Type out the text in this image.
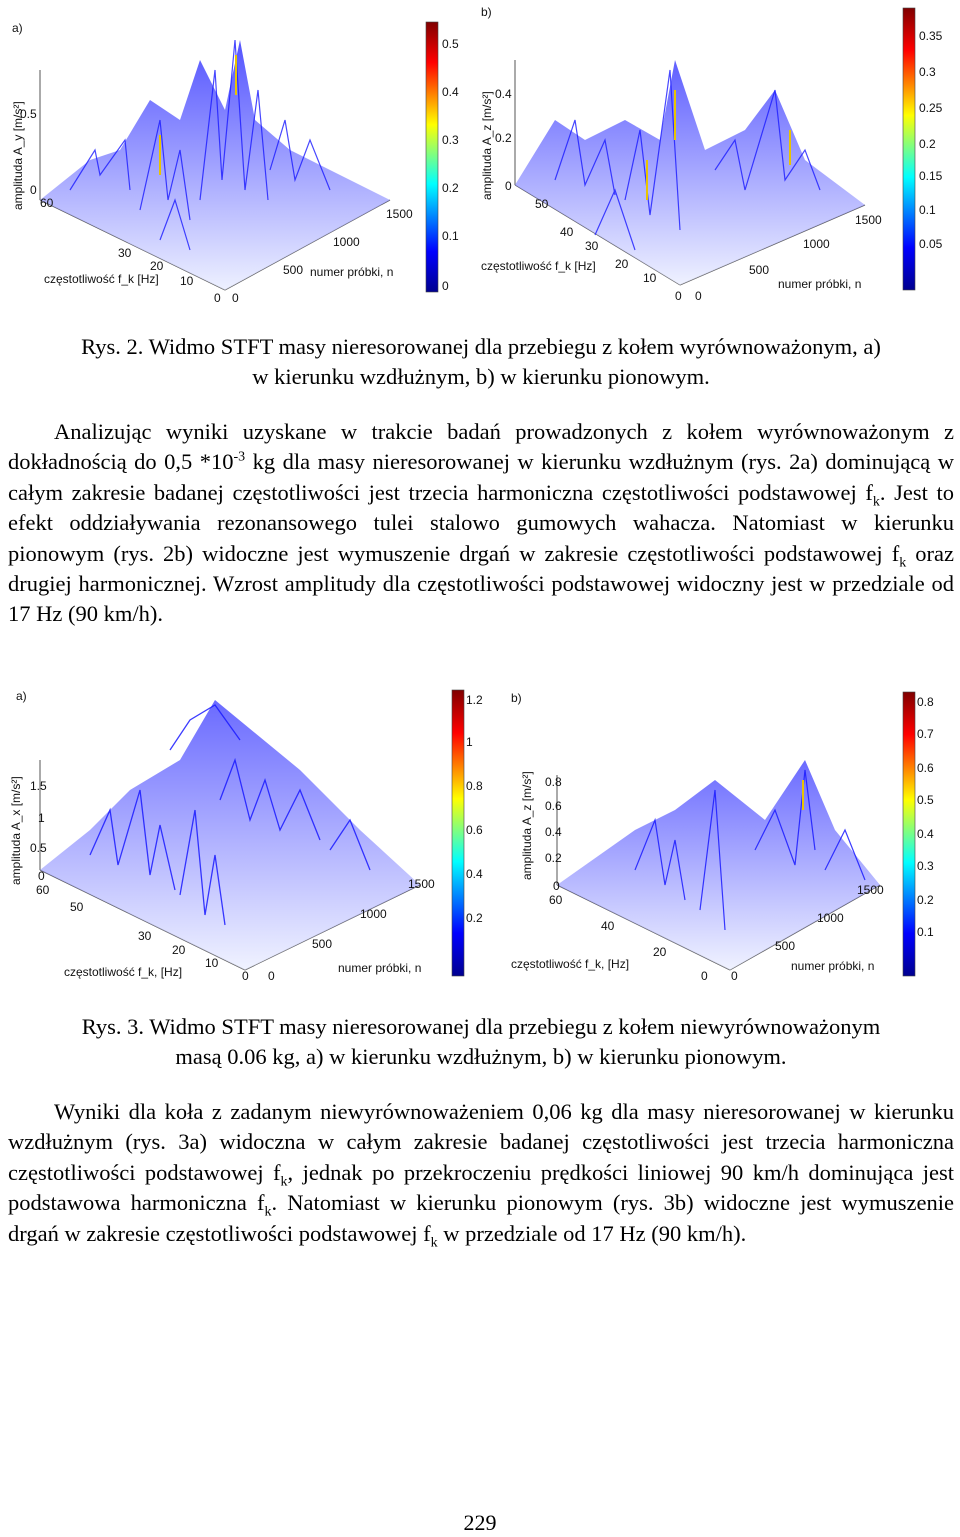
a)
0.5
0
amplituda A_y [m/s²] 60
30
20
10
0
częstotliwość f_k [Hz]
1500
1000
500
0
numer próbki, n
0.5
0.4
0.3
0.2
0.1
0
b)
0.4
0.2
0
amplituda A_z [m/s²]
50
40
30
20
10
0
częstotliwość f_k [Hz]
1500
1000
500
0
numer próbki, n
0.35
0.3
0.25
0.2
0.15
0.1
0.05
Rys. 2. Widmo STFT masy nieresorowanej dla przebiegu z kołem wyrównoważonym, a)
w kierunku wzdłużnym, b) w kierunku pionowym.
Analizując wyniki uzyskane w trakcie badań prowadzonych z kołem wyrównoważonym z dokładnością do 0,5 $*10^{-3}$ kg dla masy nieresorowanej w kierunku wzdłużnym (rys. 2a) dominującą w całym zakresie badanej częstotliwości jest trzecia harmoniczna częstotliwości podstawowej $f_k$. Jest to efekt oddziaływania rezonansowego tulei stalowo gumowych wahacza. Natomiast w kierunku pionowym (rys. 2b) widoczne jest wymuszenie drgań w zakresie częstotliwości podstawowej $f_k$ oraz drugiej harmonicznej. Wzrost amplitudy dla częstotliwości podstawowej widoczny jest w przedziale od 17 Hz (90 km/h).
a)
1.5
1
0.5
0
amplituda A_x [m/s²]
60
50
30
20
10
0
częstotliwość f_k, [Hz]
1500
1000
500
0
numer próbki, n
1.2
1
0.8
0.6
0.4
0.2
b)
0.8
0.6
0.4
0.2
0
amplituda A_z [m/s²]
60
40
20
0
częstotliwość f_k, [Hz]
1500
1000
500
0
numer próbki, n
0.8
0.7
0.6
0.5
0.4
0.3
0.2
0.1
Rys. 3. Widmo STFT masy nieresorowanej dla przebiegu z kołem niewyrównoważonym
masą 0.06 kg, a) w kierunku wzdłużnym, b) w kierunku pionowym.
Wyniki dla koła z zadanym niewyrównoważeniem 0,06 kg dla masy nieresorowanej w kierunku wzdłużnym (rys. 3a) widoczna w całym zakresie badanej częstotliwości jest trzecia harmoniczna częstotliwości podstawowej $f_k$, jednak po przekroczeniu prędkości liniowej 90 km/h dominująca jest podstawowa harmoniczna $f_k$. Natomiast w kierunku pionowym (rys. 3b) widoczne jest wymuszenie drgań w zakresie częstotliwości podstawowej $f_k$ w przedziale od 17 Hz (90 km/h).
229
